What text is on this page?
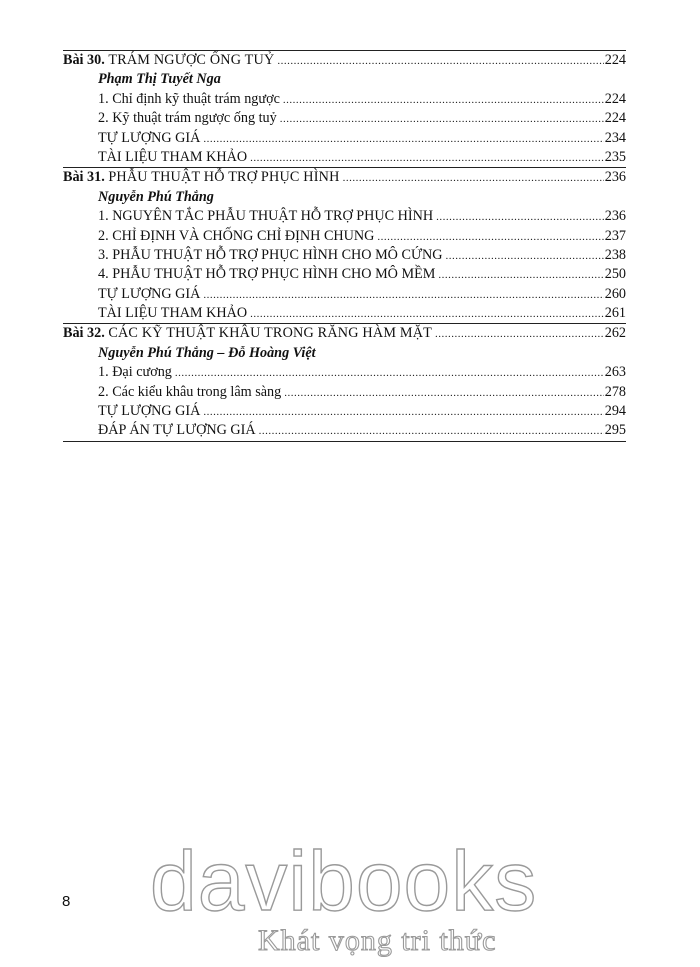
Bài 30. TRÁM NGƯỢC ỐNG TUỶ .....	224
Phạm Thị Tuyết Nga
1. Chỉ định kỹ thuật trám ngược .....	224
2. Kỹ thuật trám ngược ống tuỷ .....	224
TỰ LƯỢNG GIÁ .....	234
TÀI LIỆU THAM KHẢO .....	235
Bài 31. PHẪU THUẬT HỖ TRỢ PHỤC HÌNH .....	236
Nguyễn Phú Thắng
1. NGUYÊN TẮC PHẪU THUẬT HỖ TRỢ PHỤC HÌNH .....	236
2. CHỈ ĐỊNH VÀ CHỐNG CHỈ ĐỊNH CHUNG .....	237
3. PHẪU THUẬT HỖ TRỢ PHỤC HÌNH CHO MÔ CỨNG .....	238
4. PHẪU THUẬT HỖ TRỢ PHỤC HÌNH CHO MÔ MỀM .....	250
TỰ LƯỢNG GIÁ .....	260
TÀI LIỆU THAM KHẢO .....	261
Bài 32. CÁC KỸ THUẬT KHÂU TRONG RĂNG HÀM MẶT .....	262
Nguyễn Phú Thắng – Đỗ Hoàng Việt
1. Đại cương .....	263
2. Các kiểu khâu trong lâm sàng .....	278
TỰ LƯỢNG GIÁ .....	294
ĐÁP ÁN TỰ LƯỢNG GIÁ .....	295
8 davibooks
Khát vọng tri thức
